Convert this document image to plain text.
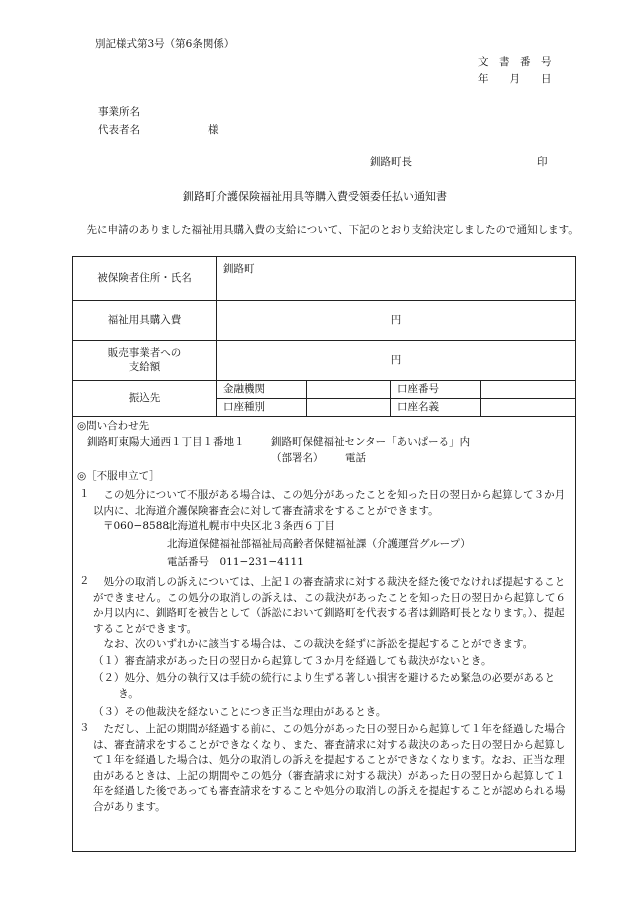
別記様式第3号（第6条関係）
文　書　番　号
年　　月　　日
事業所名
代表者名	様
釧路町長	印
釧路町介護保険福祉用具等購入費受領委任払い通知書
先に申請のありました福祉用具購入費の支給について、下記のとおり支給決定しましたので通知します。
被保険者住所・氏名	釧路町			
福祉用具購入費	円			

販売事業者への
支給額	円			
振込先	金融機関		口座番号	
	口座種別		口座名義	
◎問い合わせ先
釧路町東陽大通西１丁目１番地１	釧路町保健福祉センター「あいぱーる」内
（部署名） 電話
◎［不服申立て］
１	この処分について不服がある場合は、この処分があったことを知った日の翌日から起算して３か月以内に、北海道介護保険審査会に対して審査請求をすることができます。
〒060−8588
北海道札幌市中央区北３条西６丁目
北海道保健福祉部福祉局高齢者保健福祉課（介護運営グループ）
電話番号　011−231−4111
２	処分の取消しの訴えについては、上記１の審査請求に対する裁決を経た後でなければ提起することができません。この処分の取消しの訴えは、この裁決があったことを知った日の翌日から起算して６か月以内に、釧路町を被告として（訴訟において釧路町を代表する者は釧路町長となります。）、提起することができます。
なお、次のいずれかに該当する場合は、この裁決を経ずに訴訟を提起することができます。
（１）審査請求があった日の翌日から起算して３か月を経過しても裁決がないとき。
（２）処分、処分の執行又は手続の続行により生ずる著しい損害を避けるため緊急の必要があるとき。
（３）その他裁決を経ないことにつき正当な理由があるとき。
３	ただし、上記の期間が経過する前に、この処分があった日の翌日から起算して１年を経過した場合は、審査請求をすることができなくなり、また、審査請求に対する裁決のあった日の翌日から起算して１年を経過した場合は、処分の取消しの訴えを提起することができなくなります。なお、正当な理由があるときは、上記の期間やこの処分（審査請求に対する裁決）があった日の翌日から起算して１年を経過した後であっても審査請求をすることや処分の取消しの訴えを提起することが認められる場合があります。
